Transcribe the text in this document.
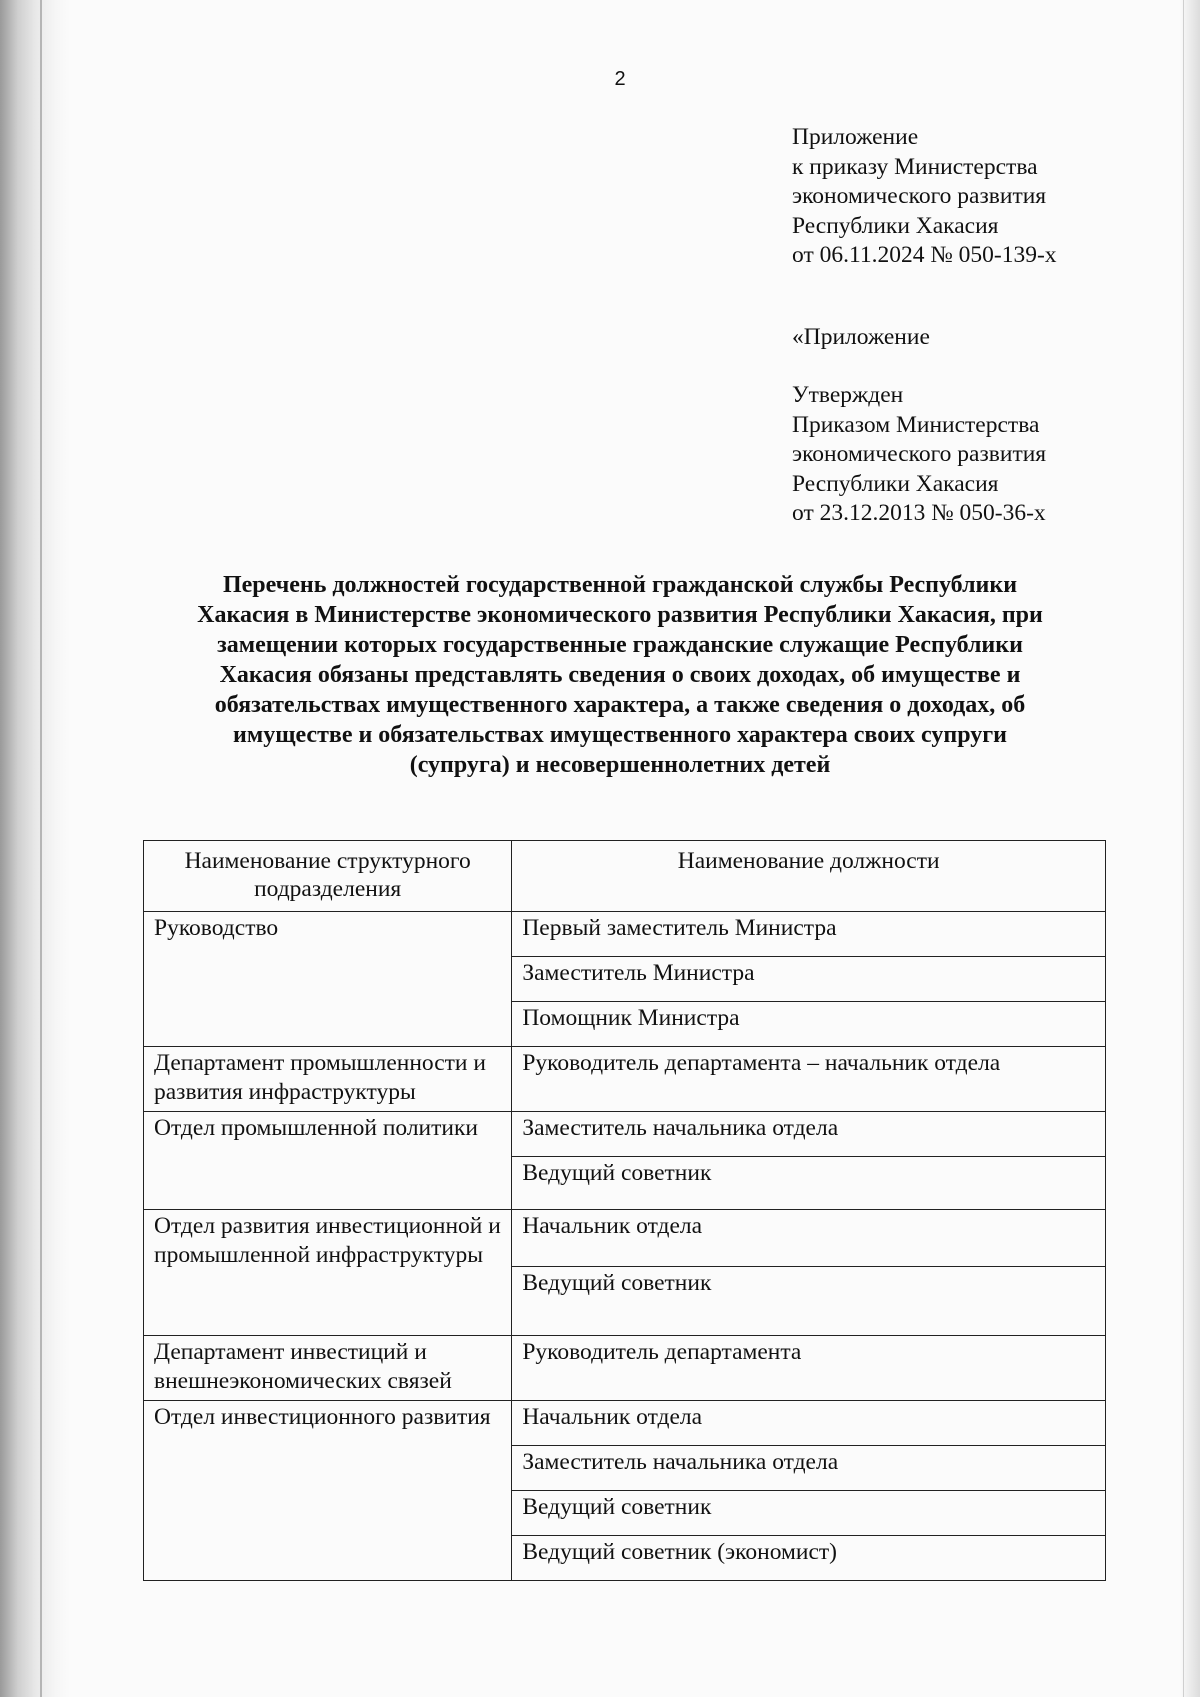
2
Приложение
к приказу Министерства
экономического развития
Республики Хакасия
от 06.11.2024 № 050-139-х
«Приложение
Утвержден
Приказом Министерства
экономического развития
Республики Хакасия
от 23.12.2013 № 050-36-х
Перечень должностей государственной гражданской службы Республики
Хакасия в Министерстве экономического развития Республики Хакасия, при
замещении которых государственные гражданские служащие Республики
Хакасия обязаны представлять сведения о своих доходах, об имуществе и
обязательствах имущественного характера, а также сведения о доходах, об
имуществе и обязательствах имущественного характера своих супруги
(супруга) и несовершеннолетних детей
Наименование структурного подразделения	Наименование должности
Руководство	Первый заместитель Министра
	Заместитель Министра
	Помощник Министра
Департамент промышленности и развития инфраструктуры	Руководитель департамента – начальник отдела
Отдел промышленной политики	Заместитель начальника отдела
	Ведущий советник
Отдел развития инвестиционной и промышленной инфраструктуры	Начальник отдела
	Ведущий советник
Департамент инвестиций и внешнеэкономических связей	Руководитель департамента
Отдел инвестиционного развития	Начальник отдела
	Заместитель начальника отдела
	Ведущий советник
	Ведущий советник (экономист)
